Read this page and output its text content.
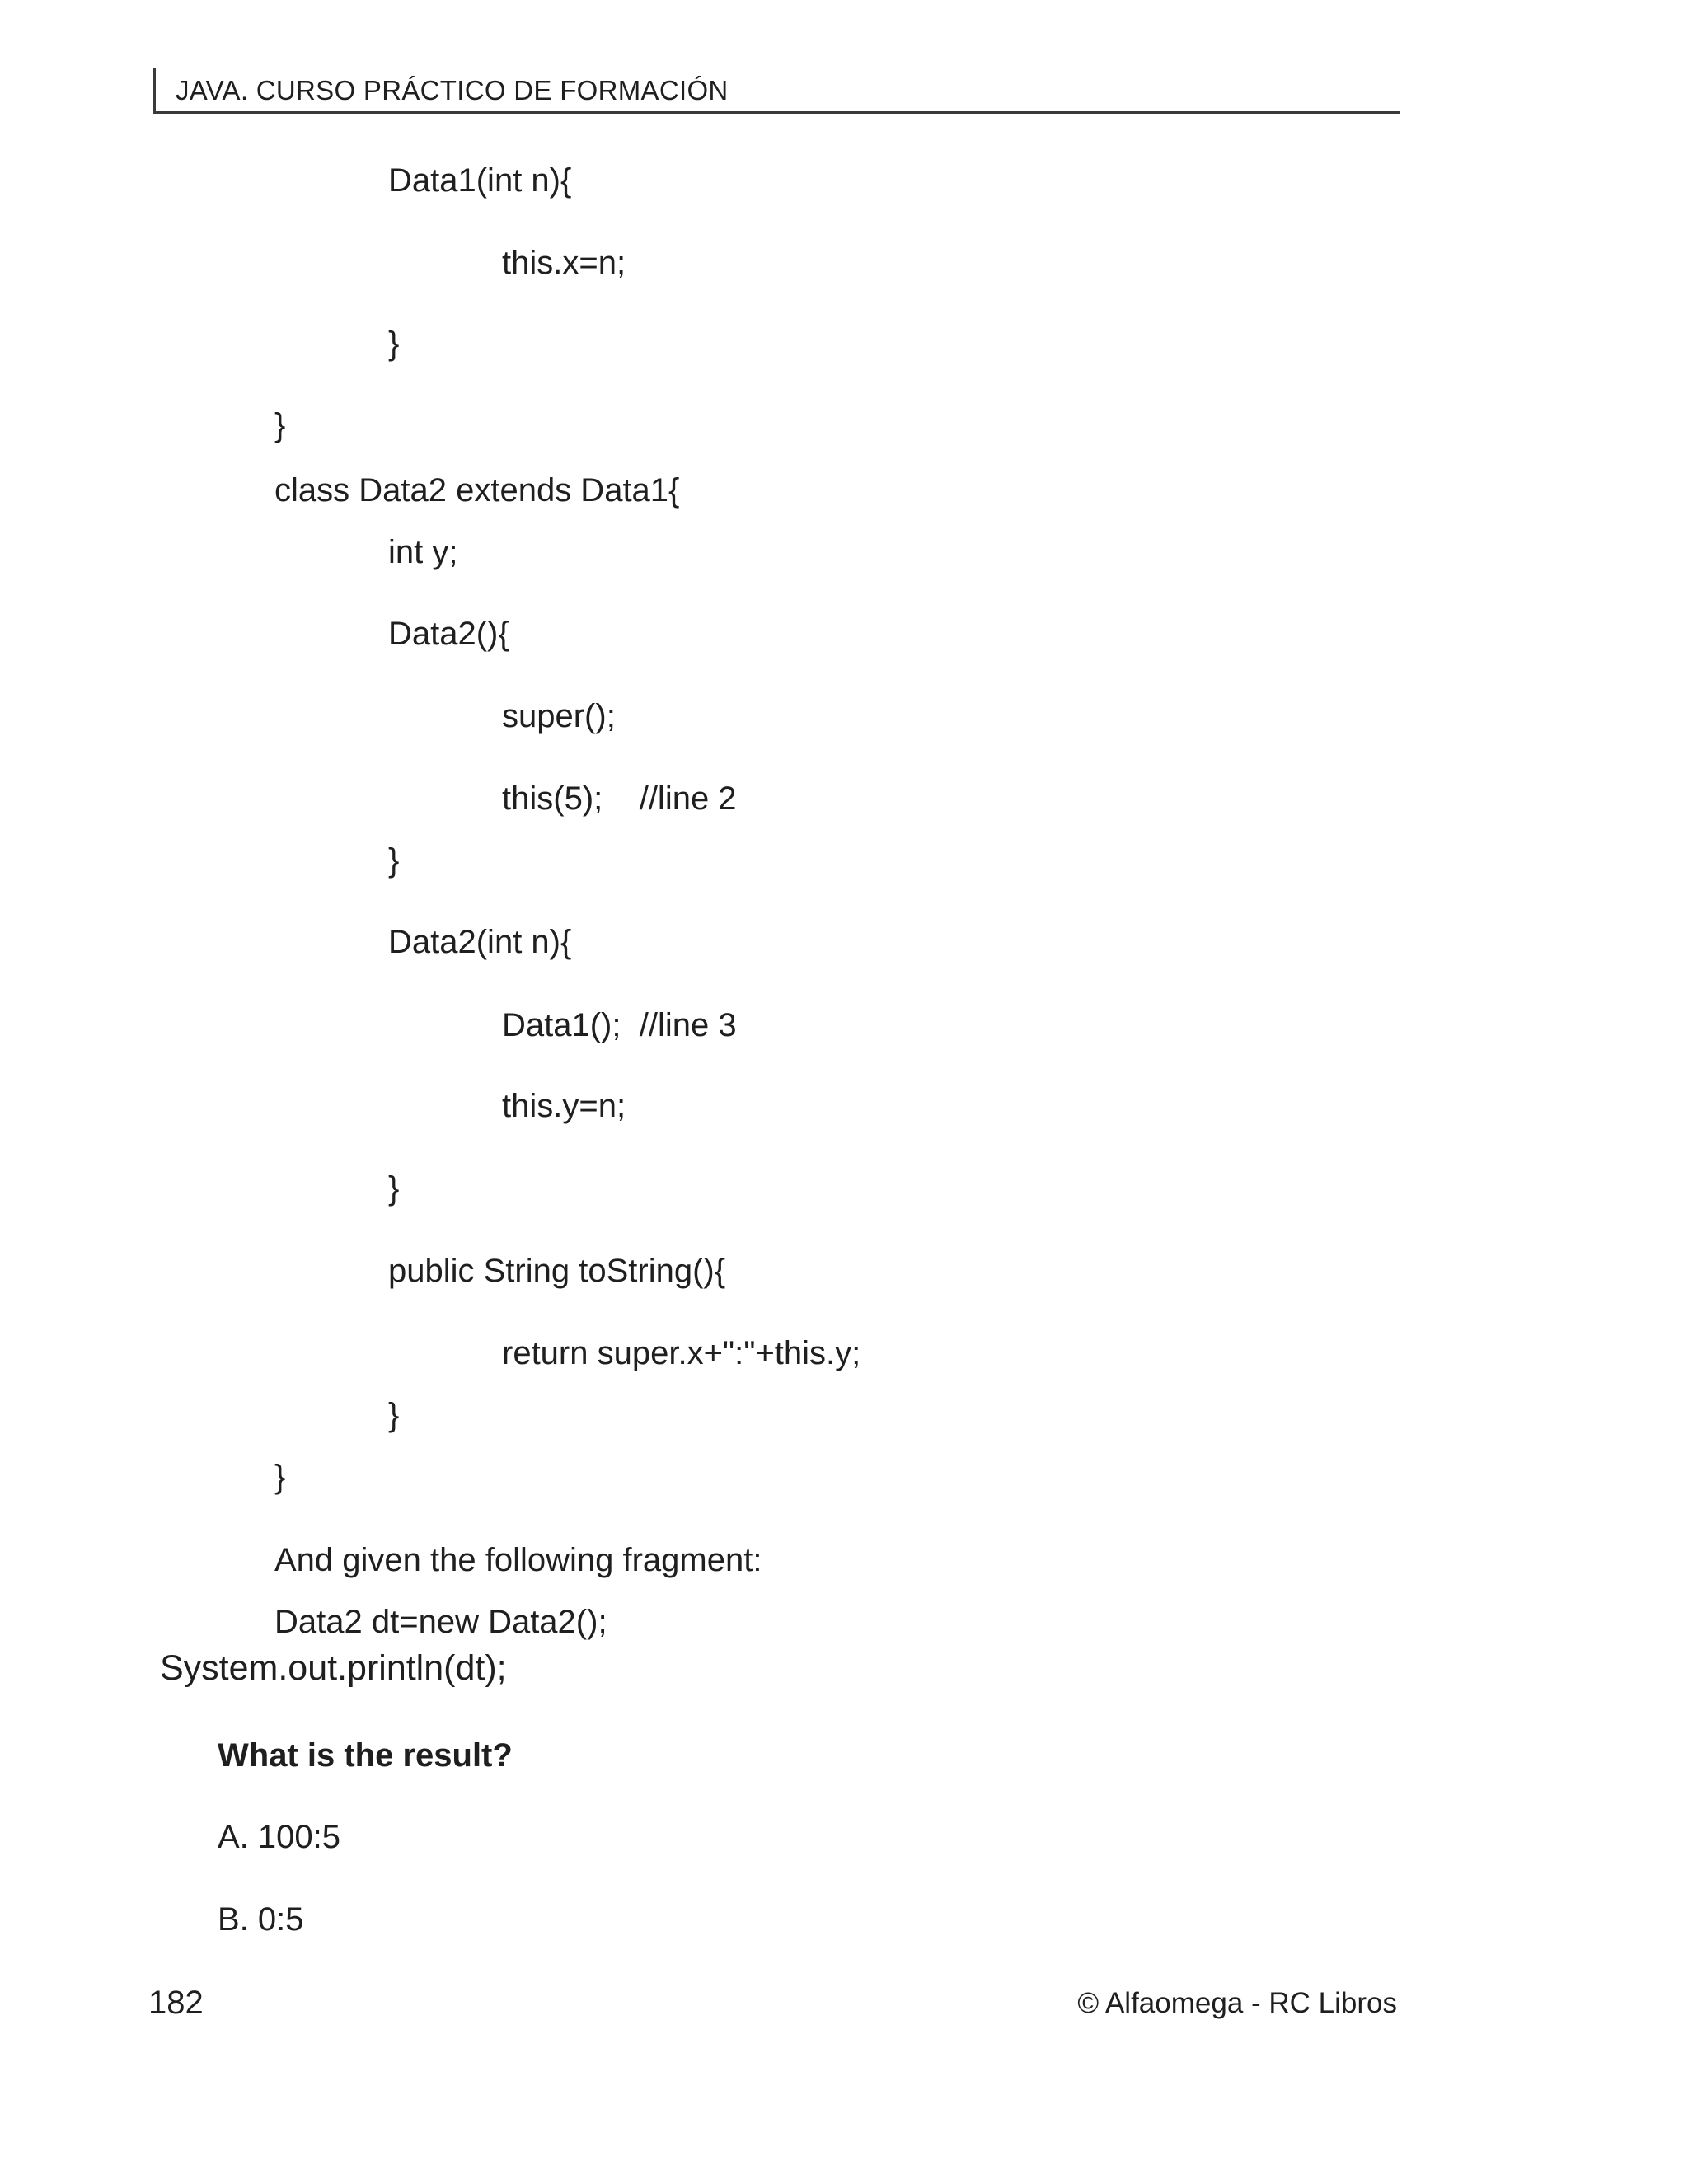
JAVA. CURSO PRÁCTICO DE FORMACIÓN
Data1(int n){
this.x=n;
}
}
class Data2 extends Data1{
int y;
Data2(){
super();
this(5);    //line 2
}
Data2(int n){
Data1();  //line 3
this.y=n;
}
public String toString(){
return super.x+":"+this.y;
}
}
And given the following fragment:
Data2 dt=new Data2();
System.out.println(dt);
What is the result?
A. 100:5
B. 0:5
182	© Alfaomega - RC Libros
